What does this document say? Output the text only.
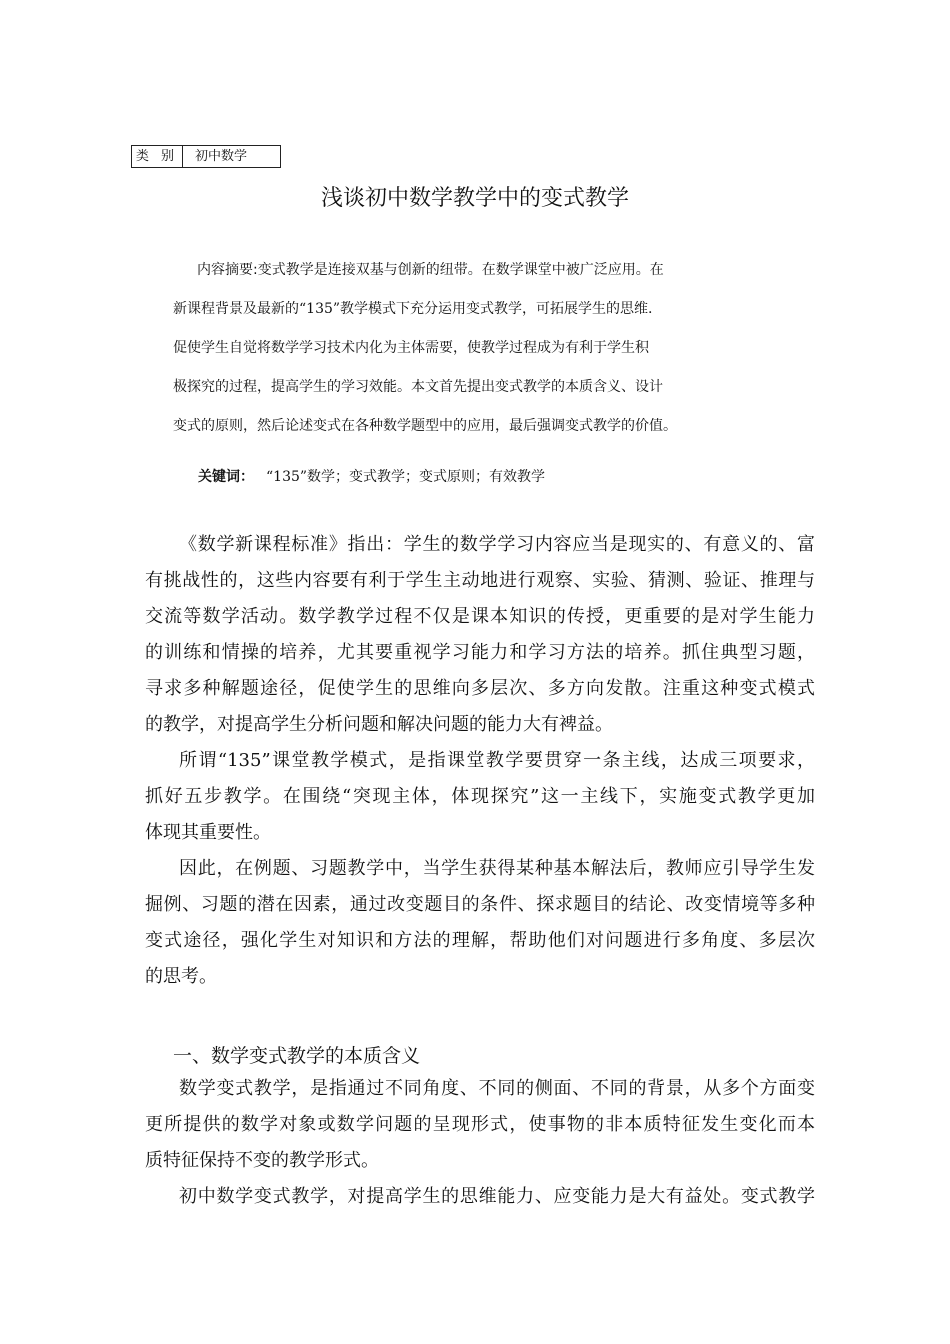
类 别	初中数学
浅谈初中数学教学中的变式教学
内容摘要:变式教学是连接双基与创新的纽带。在数学课堂中被广泛应用。在
新课程背景及最新的“135”教学模式下充分运用变式教学，可拓展学生的思维.
促使学生自觉将数学学习技术内化为主体需要，使教学过程成为有利于学生积
极探究的过程，提高学生的学习效能。本文首先提出变式教学的本质含义、设计
变式的原则，然后论述变式在各种数学题型中的应用，最后强调变式教学的价值。
关键词： “135”数学；变式教学；变式原则；有效教学
《数学新课程标准》指出：学生的数学学习内容应当是现实的、有意义的、富
有挑战性的，这些内容要有利于学生主动地进行观察、实验、猜测、验证、推理与
交流等数学活动。数学教学过程不仅是课本知识的传授，更重要的是对学生能力
的训练和情操的培养，尤其要重视学习能力和学习方法的培养。抓住典型习题，
寻求多种解题途径，促使学生的思维向多层次、多方向发散。注重这种变式模式
的教学，对提高学生分析问题和解决问题的能力大有裨益。
所谓“135”课堂教学模式，是指课堂教学要贯穿一条主线，达成三项要求，
抓好五步教学。在围绕“突现主体，体现探究”这一主线下，实施变式教学更加
体现其重要性。
因此，在例题、习题教学中，当学生获得某种基本解法后，教师应引导学生发
掘例、习题的潜在因素，通过改变题目的条件、探求题目的结论、改变情境等多种
变式途径，强化学生对知识和方法的理解，帮助他们对问题进行多角度、多层次
的思考。
一、数学变式教学的本质含义
数学变式教学，是指通过不同角度、不同的侧面、不同的背景，从多个方面变
更所提供的数学对象或数学问题的呈现形式，使事物的非本质特征发生变化而本
质特征保持不变的教学形式。
初中数学变式教学，对提高学生的思维能力、应变能力是大有益处。变式教学
